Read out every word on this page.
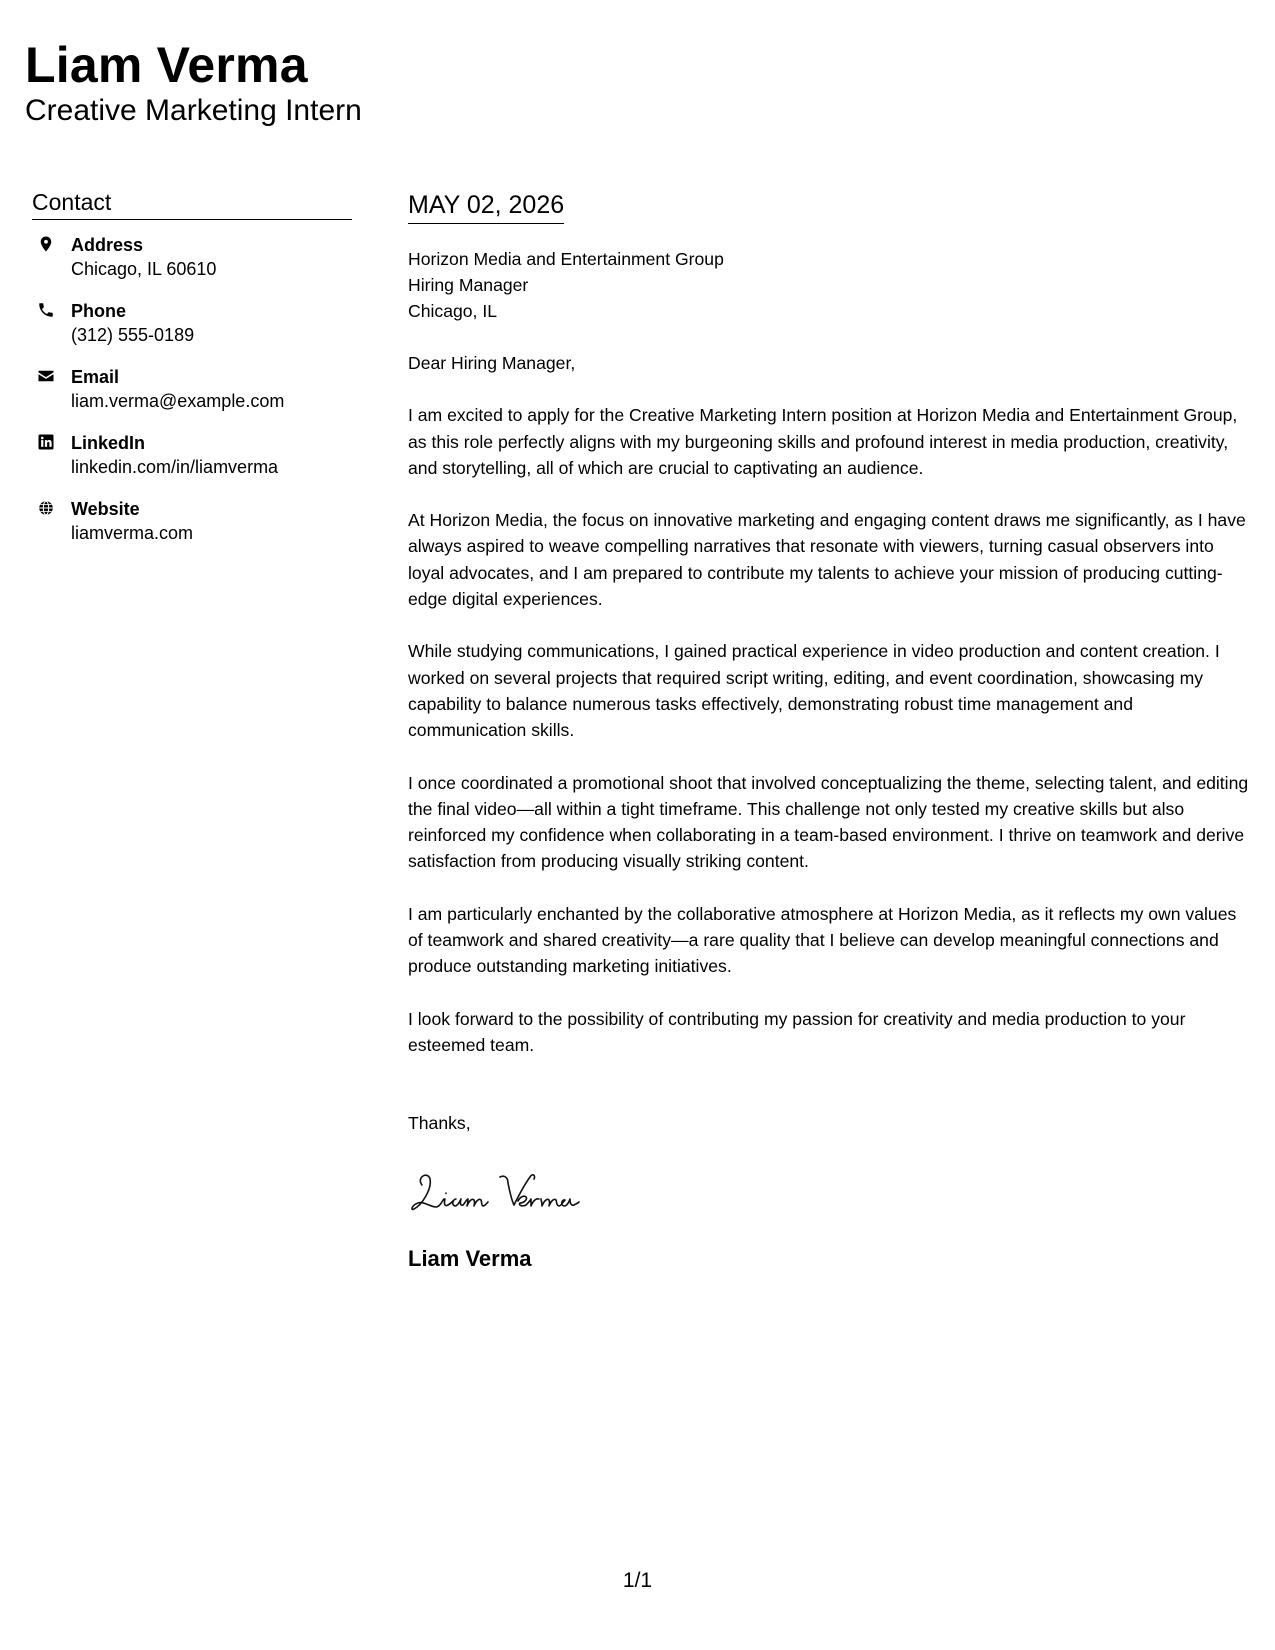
Liam Verma
Creative Marketing Intern
Contact
Address
Chicago, IL 60610
Phone
(312) 555-0189
Email
liam.verma@example.com
LinkedIn
linkedin.com/in/liamverma
Website
liamverma.com
MAY 02, 2026
Horizon Media and Entertainment Group
Hiring Manager
Chicago, IL
Dear Hiring Manager,

I am excited to apply for the Creative Marketing Intern position at Horizon Media and Entertainment Group, as this role perfectly aligns with my burgeoning skills and profound interest in media production, creativity, and storytelling, all of which are crucial to captivating an audience.

At Horizon Media, the focus on innovative marketing and engaging content draws me significantly, as I have always aspired to weave compelling narratives that resonate with viewers, turning casual observers into loyal advocates, and I am prepared to contribute my talents to achieve your mission of producing cutting-edge digital experiences.

While studying communications, I gained practical experience in video production and content creation. I worked on several projects that required script writing, editing, and event coordination, showcasing my capability to balance numerous tasks effectively, demonstrating robust time management and communication skills.

I once coordinated a promotional shoot that involved conceptualizing the theme, selecting talent, and editing the final video—all within a tight timeframe. This challenge not only tested my creative skills but also reinforced my confidence when collaborating in a team-based environment. I thrive on teamwork and derive satisfaction from producing visually striking content.

I am particularly enchanted by the collaborative atmosphere at Horizon Media, as it reflects my own values of teamwork and shared creativity—a rare quality that I believe can develop meaningful connections and produce outstanding marketing initiatives.

I look forward to the possibility of contributing my passion for creativity and media production to your esteemed team.

Thanks,
Liam Verma
1/1
